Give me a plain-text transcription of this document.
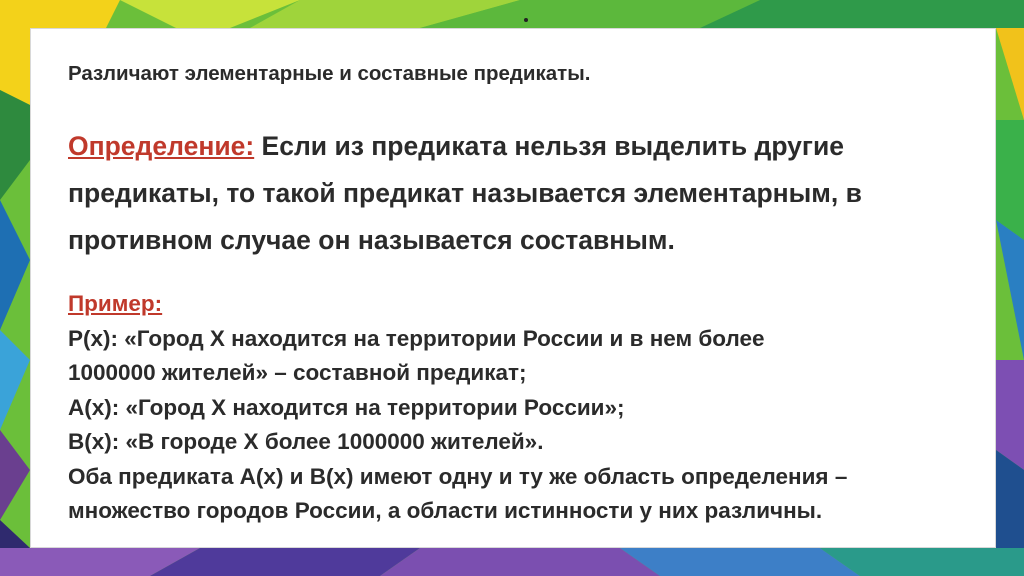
Различают элементарные и составные предикаты.

Определение: Если из предиката нельзя выделить другие предикаты, то такой предикат называется элементарным, в противном случае он называется составным.

Пример:
P(x): «Город X находится на территории России и в нем более
1000000 жителей» – составной предикат;
A(x): «Город X находится на территории России»;
B(x): «В городе X более 1000000 жителей».
Оба предиката A(x) и B(x) имеют одну и ту же область определения –
множество городов России, а области истинности у них различны.
